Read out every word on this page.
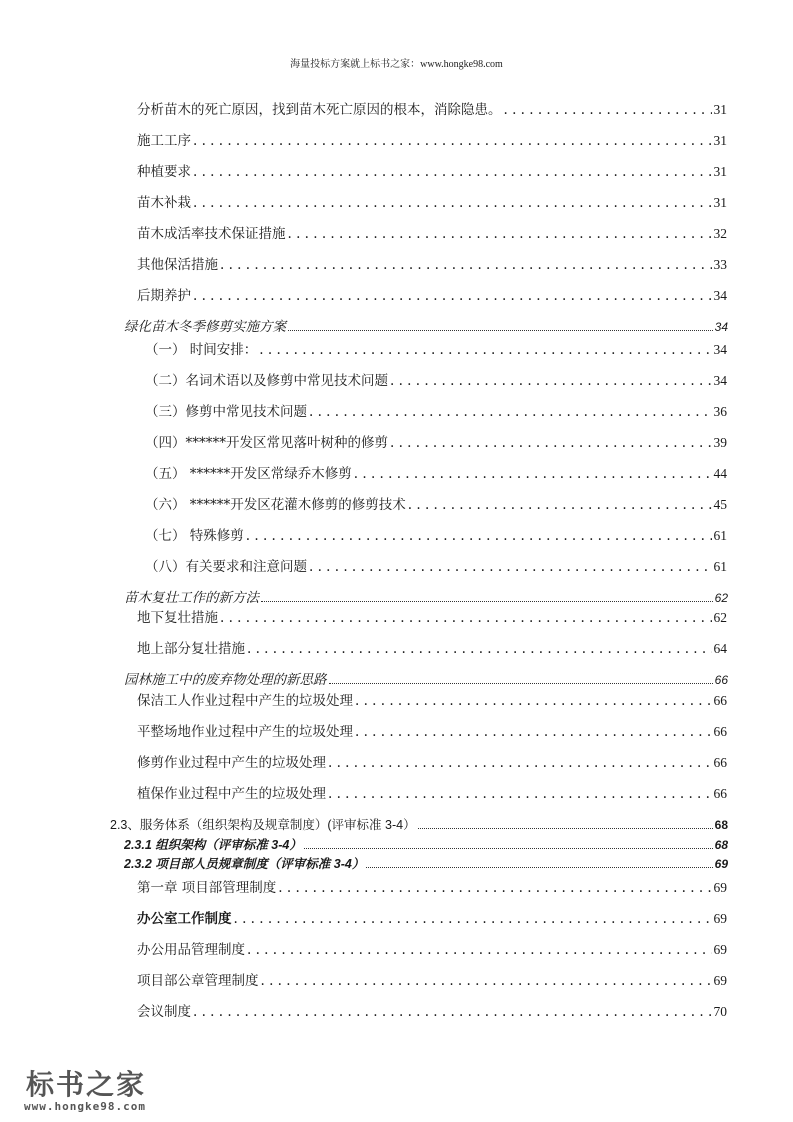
海量投标方案就上标书之家：www.hongke98.com
分析苗木的死亡原因，找到苗木死亡原因的根本，消除隐患。 . . .	31
施工工序 . . .	31
种植要求 . . .	31
苗木补栽 . . .	31
苗木成活率技术保证措施 . . .	32
其他保活措施 . . .	33
后期养护 . . .	34
绿化苗木冬季修剪实施方案	34
（一） 时间安排： . . .	34
（二）名词术语以及修剪中常见技术问题 . . .	34
（三）修剪中常见技术问题 . . .	36
（四）******开发区常见落叶树种的修剪 . . .	39
（五） ******开发区常绿乔木修剪 . . .	44
（六） ******开发区花灌木修剪的修剪技术 . . .	45
（七） 特殊修剪 . . .	61
（八）有关要求和注意问题 . . .	61
苗木复壮工作的新方法	62
地下复壮措施 . . .	62
地上部分复壮措施 . . .	64
园林施工中的废弃物处理的新思路	66
保洁工人作业过程中产生的垃圾处理 . . .	66
平整场地作业过程中产生的垃圾处理 . . .	66
修剪作业过程中产生的垃圾处理 . . .	66
植保作业过程中产生的垃圾处理 . . .	66
2.3、服务体系（组织架构及规章制度）(评审标准 3-4）	68
2.3.1 组织架构（评审标准 3-4）	68
2.3.2 项目部人员规章制度（评审标准 3-4）	69
第一章 项目部管理制度 . . .	69
办公室工作制度 . . .	69
办公用品管理制度 . . .	69
项目部公章管理制度 . . .	69
会议制度 . . .	70
标书之家
www.hongke98.com
